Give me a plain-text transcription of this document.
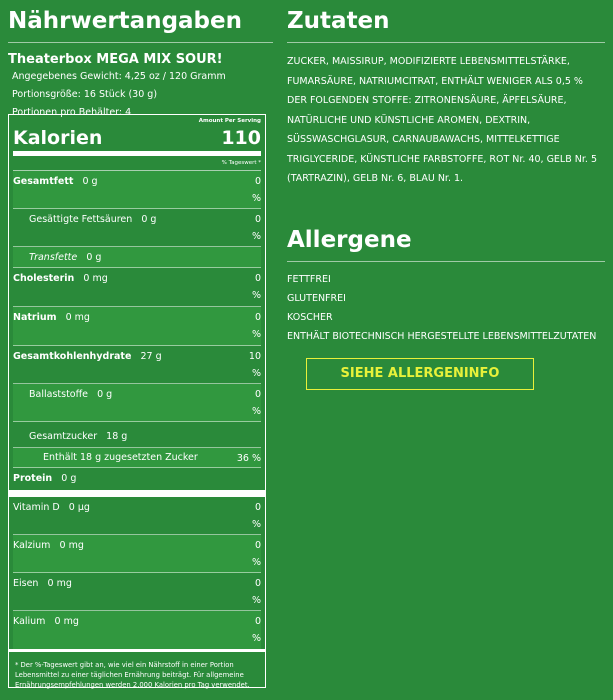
Nährwertangaben
Theaterbox MEGA MIX SOUR!
Angegebenes Gewicht: 4,25 oz / 120 Gramm
Portionsgröße: 16 Stück (30 g)
Portionen pro Behälter: 4
Amount Per Serving
Kalorien	110
% Tageswert *
Gesamtfett 0 g	0
%
Gesättigte Fettsäuren 0 g	0
%
Transfette 0 g
Cholesterin 0 mg	0
%
Natrium 0 mg	0
%
Gesamtkohlenhydrate 27 g	10
%
Ballaststoffe 0 g	0
%
Gesamtzucker 18 g
Enthält 18 g zugesetzten Zucker	36 %
Protein 0 g
Vitamin D 0 µg	0
%
Kalzium 0 mg	0
%
Eisen 0 mg	0
%
Kalium 0 mg	0
%
* Der %-Tageswert gibt an, wie viel ein Nährstoff in einer Portion Lebensmittel zu einer täglichen Ernährung beiträgt. Für allgemeine Ernährungsempfehlungen werden 2.000 Kalorien pro Tag verwendet.
Zutaten
ZUCKER, MAISSIRUP, MODIFIZIERTE LEBENSMITTELSTÄRKE, FUMARSÄURE, NATRIUMCITRAT, ENTHÄLT WENIGER ALS 0,5 % DER FOLGENDEN STOFFE: ZITRONENSÄURE, ÄPFELSÄURE, NATÜRLICHE UND KÜNSTLICHE AROMEN, DEXTRIN, SÜSSWASCHGLASUR, CARNAUBAWACHS, MITTELKETTIGE TRIGLYCERIDE, KÜNSTLICHE FARBSTOFFE, ROT Nr. 40, GELB Nr. 5 (TARTRAZIN), GELB Nr. 6, BLAU Nr. 1.
Allergene
FETTFREI
GLUTENFREI
KOSCHER
ENTHÄLT BIOTECHNISCH HERGESTELLTE LEBENSMITTELZUTATEN
SIEHE ALLERGENINFO
